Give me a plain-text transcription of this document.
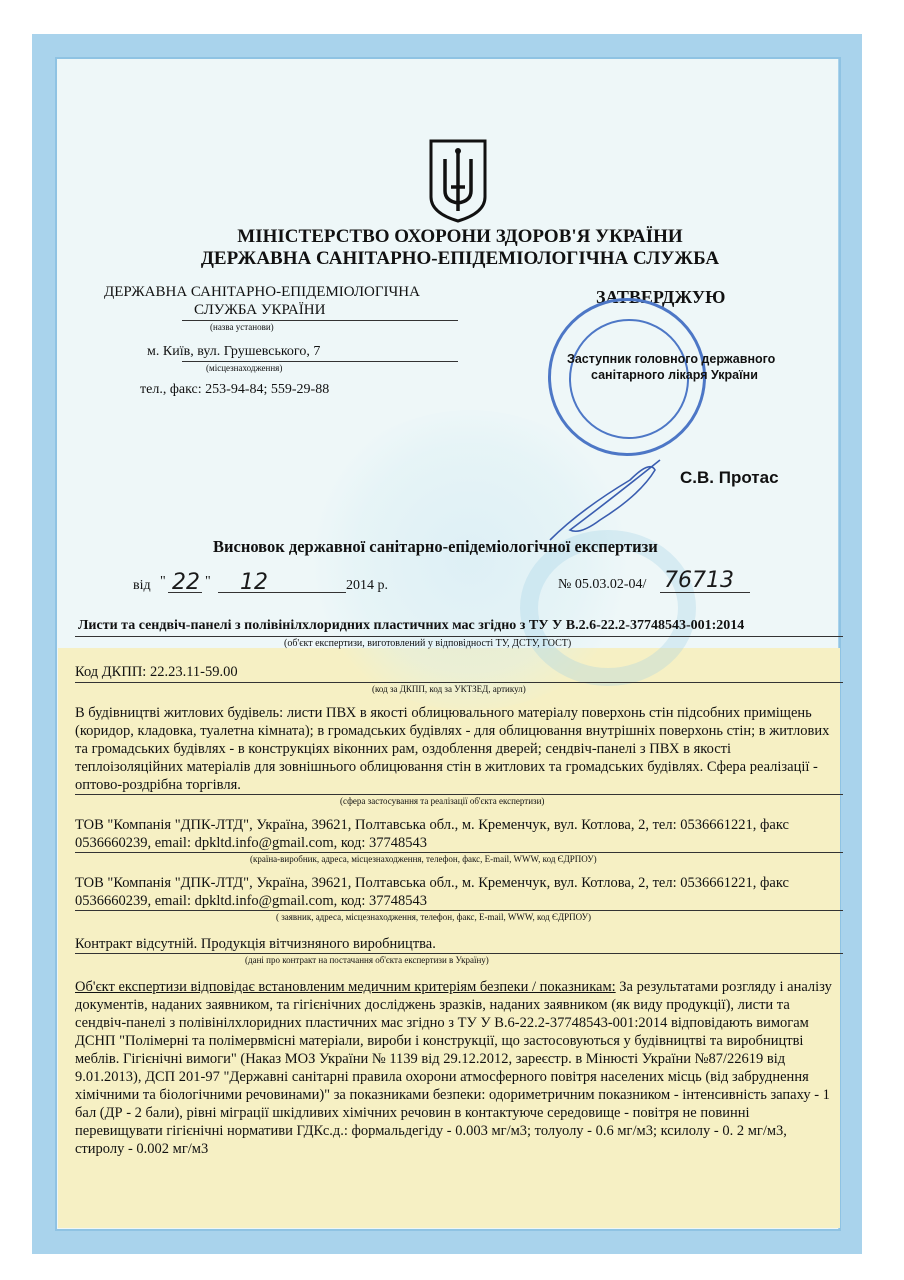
МІНІСТЕРСТВО ОХОРОНИ ЗДОРОВ'Я УКРАЇНИ
ДЕРЖАВНА САНІТАРНО-ЕПІДЕМІОЛОГІЧНА СЛУЖБА
ДЕРЖАВНА САНІТАРНО-ЕПІДЕМІОЛОГІЧНА
СЛУЖБА УКРАЇНИ
(назва установи)
м. Київ, вул. Грушевського, 7
(місцезнаходження)
тел., факс: 253-94-84; 559-29-88
ЗАТВЕРДЖУЮ
Заступник головного державного
санітарного лікаря України
С.В. Протас
Висновок державної санітарно-епідеміологічної експертизи
від " 22 " 12	2014 р.	№ 05.03.02-04/ 76713
Листи та сендвіч-панелі з полівінілхлоридних пластичних мас згідно з ТУ У В.2.6-22.2-37748543-001:2014
(об'єкт експертизи, виготовлений у відповідності ТУ, ДСТУ, ГОСТ)
Код ДКПП: 22.23.11-59.00
(код за ДКПП, код за УКТЗЕД, артикул)
В будівництві житлових будівель: листи ПВХ в якості облицювального матеріалу поверхонь стін підсобних приміщень (коридор, кладовка, туалетна кімната); в громадських будівлях - для облицювання внутрішніх поверхонь стін; в житлових та громадських будівлях - в конструкціях віконних рам, оздоблення дверей; сендвіч-панелі з ПВХ в якості теплоізоляційних матеріалів для зовнішнього облицювання стін в житлових та громадських будівлях. Сфера реалізації - оптово-роздрібна торгівля.
(сфера застосування та реалізації об'єкта експертизи)
ТОВ "Компанія "ДПК-ЛТД", Україна, 39621, Полтавська обл., м. Кременчук, вул. Котлова, 2, тел: 0536661221, факс 0536660239, email: dpkltd.info@gmail.com, код: 37748543
(країна-виробник, адреса, місцезнаходження, телефон, факс, E-mail, WWW, код ЄДРПОУ)
ТОВ "Компанія "ДПК-ЛТД", Україна, 39621, Полтавська обл., м. Кременчук, вул. Котлова, 2, тел: 0536661221, факс 0536660239, email: dpkltd.info@gmail.com, код: 37748543
( заявник, адреса, місцезнаходження, телефон, факс, E-mail, WWW, код ЄДРПОУ)
Контракт відсутній. Продукція вітчизняного виробництва.
(дані про контракт на постачання об'єкта експертизи в Україну)
Об'єкт експертизи відповідає встановленим медичним критеріям безпеки / показникам: За результатами розгляду і аналізу документів, наданих заявником, та гігієнічних досліджень зразків, наданих заявником (як виду продукції), листи та сендвіч-панелі з полівінілхлоридних пластичних мас згідно з ТУ У В.6-22.2-37748543-001:2014 відповідають вимогам ДСНП "Полімерні та полімервмісні матеріали, вироби і конструкції, що застосовуються у будівництві та виробництві меблів. Гігієнічні вимоги" (Наказ МОЗ України № 1139 від 29.12.2012, зареєстр. в Мінюсті України №87/22619 від 9.01.2013), ДСП 201-97 "Державні санітарні правила охорони атмосферного повітря населених місць (від забруднення хімічними та біологічними речовинами)" за показниками безпеки: одориметричним показником - інтенсивність запаху - 1 бал (ДР - 2 бали), рівні міграції шкідливих хімічних речовин в контактуюче середовище - повітря не повинні перевищувати гігієнічні нормативи ГДКс.д.: формальдегіду - 0.003 мг/м3; толуолу - 0.6 мг/м3; ксилолу - 0. 2 мг/м3, стиролу - 0.002 мг/м3
